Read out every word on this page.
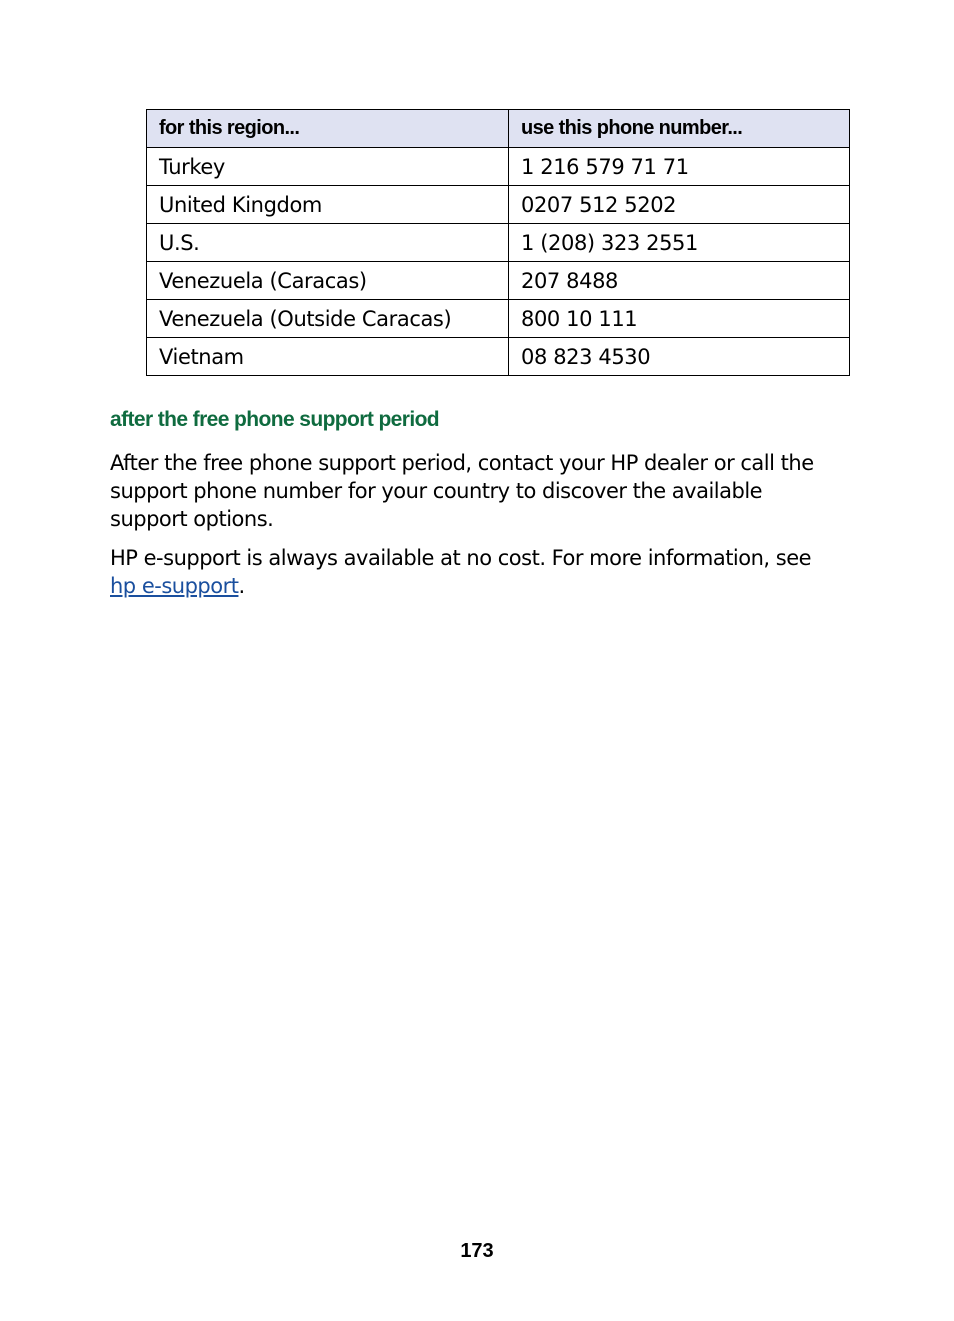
for this region...	use this phone number...
Turkey	1 216 579 71 71
United Kingdom	0207 512 5202
U.S.	1 (208) 323 2551
Venezuela (Caracas)	207 8488
Venezuela (Outside Caracas)	800 10 111
Vietnam	08 823 4530
after the free phone support period

After the free phone support period, contact your HP dealer or call the support phone number for your country to discover the available support options.

HP e-support is always available at no cost. For more information, see hp e-support.

173
